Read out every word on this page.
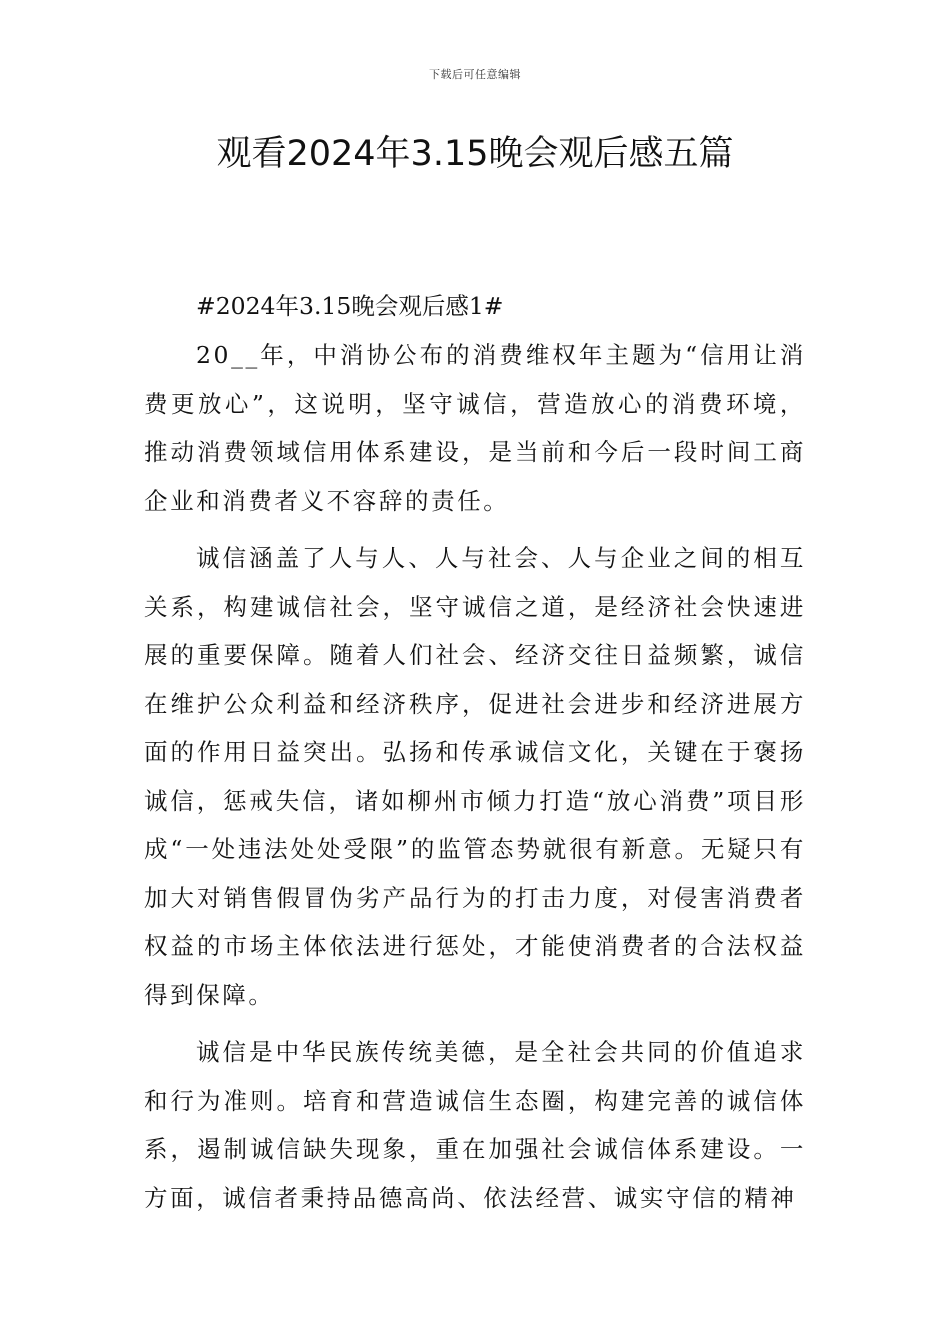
下载后可任意编辑
观看2024年3.15晚会观后感五篇

#2024年3.15晚会观后感1#

20__年，中消协公布的消费维权年主题为“信用让消费更放心”，这说明，坚守诚信，营造放心的消费环境，推动消费领域信用体系建设，是当前和今后一段时间工商企业和消费者义不容辞的责任。

诚信涵盖了人与人、人与社会、人与企业之间的相互关系，构建诚信社会，坚守诚信之道，是经济社会快速进展的重要保障。随着人们社会、经济交往日益频繁，诚信在维护公众利益和经济秩序，促进社会进步和经济进展方面的作用日益突出。弘扬和传承诚信文化，关键在于褒扬诚信，惩戒失信，诸如柳州市倾力打造“放心消费”项目形成“一处违法处处受限”的监管态势就很有新意。无疑只有加大对销售假冒伪劣产品行为的打击力度，对侵害消费者权益的市场主体依法进行惩处，才能使消费者的合法权益得到保障。

诚信是中华民族传统美德，是全社会共同的价值追求和行为准则。培育和营造诚信生态圈，构建完善的诚信体系，遏制诚信缺失现象，重在加强社会诚信体系建设。一方面，诚信者秉持品德高尚、依法经营、诚实守信的精神
